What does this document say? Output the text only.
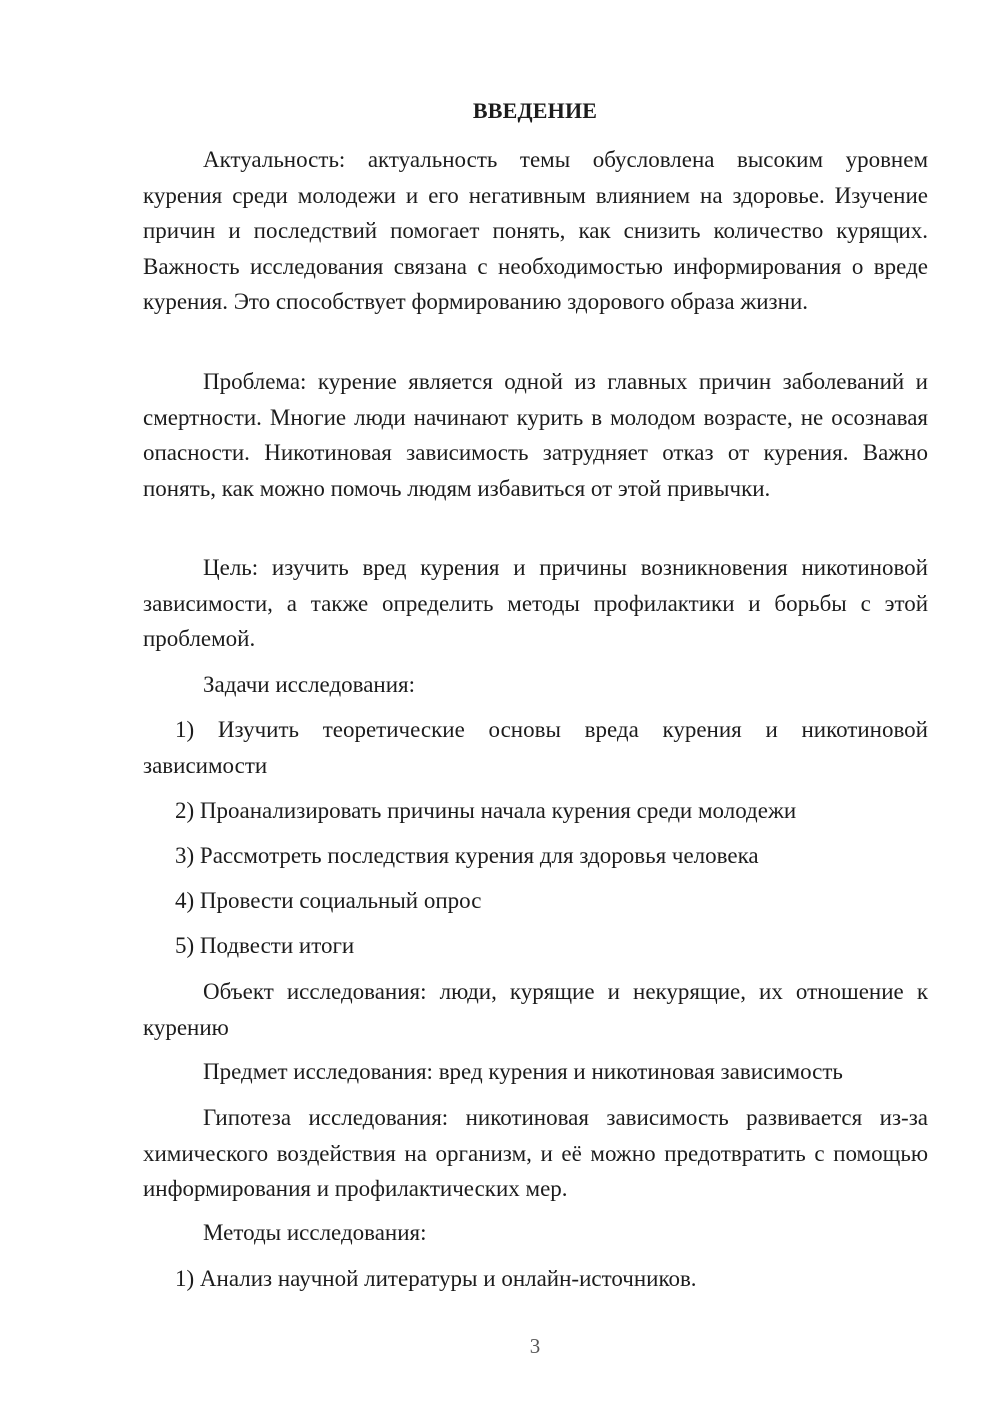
ВВЕДЕНИЕ

Актуальность: актуальность темы обусловлена высоким уровнем курения среди молодежи и его негативным влиянием на здоровье. Изучение причин и последствий помогает понять, как снизить количество курящих. Важность исследования связана с необходимостью информирования о вреде курения. Это способствует формированию здорового образа жизни.

Проблема: курение является одной из главных причин заболеваний и смертности. Многие люди начинают курить в молодом возрасте, не осознавая опасности. Никотиновая зависимость затрудняет отказ от курения. Важно понять, как можно помочь людям избавиться от этой привычки.

Цель: изучить вред курения и причины возникновения никотиновой зависимости, а также определить методы профилактики и борьбы с этой проблемой.

Задачи исследования:

1) Изучить теоретические основы вреда курения и никотиновой зависимости

2) Проанализировать причины начала курения среди молодежи

3) Рассмотреть последствия курения для здоровья человека

4) Провести социальный опрос

5) Подвести итоги

Объект исследования: люди, курящие и некурящие, их отношение к курению

Предмет исследования: вред курения и никотиновая зависимость

Гипотеза исследования: никотиновая зависимость развивается из-за химического воздействия на организм, и её можно предотвратить с помощью информирования и профилактических мер.

Методы исследования:

1) Анализ научной литературы и онлайн-источников.

3
